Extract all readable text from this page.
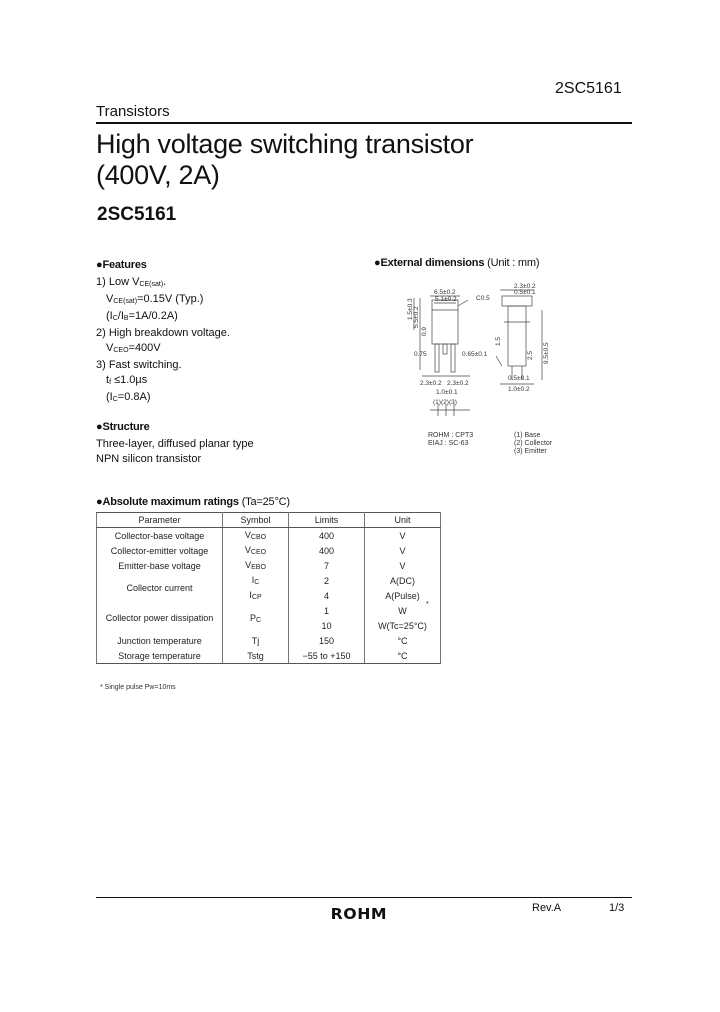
2SC5161
Transistors
High voltage switching transistor
(400V, 2A)
2SC5161
●Features
1) Low $V_{CE(sat)}$.
$V_{CE(sat)}=0.15V$ (Typ.)
$(I_C/I_B=1A/0.2A)$
2) High breakdown voltage.
$V_{CEO}=400V$
3) Fast switching.
$t_f \le 1.0\mu s$
$(I_C=0.8A)$
●Structure
Three-layer, diffused planar type
NPN silicon transistor
●External dimensions (Unit : mm)
6.5±0.2
5.1±0.2	C0.5
2.3±0.2
0.5±0.1
0.65±0.1
0.75
2.3±0.2 2.3±0.2
1.0±0.1
0.9
1.5
2.5 9.5±0.5
0.5±0.1
1.0±0.2
5.5±0.2
1.5±0.3
(1) (2) (3)
ROHM : CPT3
EIAJ : SC-63
(1) Base
(2) Collector
(3) Emitter
●Absolute maximum ratings (Ta=25°C)
Parameter	Symbol	Limits	Unit
Collector-base voltage	$V_{CBO}$	400	V
Collector-emitter voltage	$V_{CEO}$	400	V
Emitter-base voltage	$V_{EBO}$	7	V
Collector current	$I_C$	2	A(DC)
	$I_{CP}$	4	A(Pulse)
Collector power dissipation	$P_C$	1	W
		10	W(Tc=25°C)
Junction temperature	Tj	150	°C
Storage temperature	Tstg	−55 to +150	°C
*
* Single pulse Pw=10ms
ROHM	Rev.A	1/3
